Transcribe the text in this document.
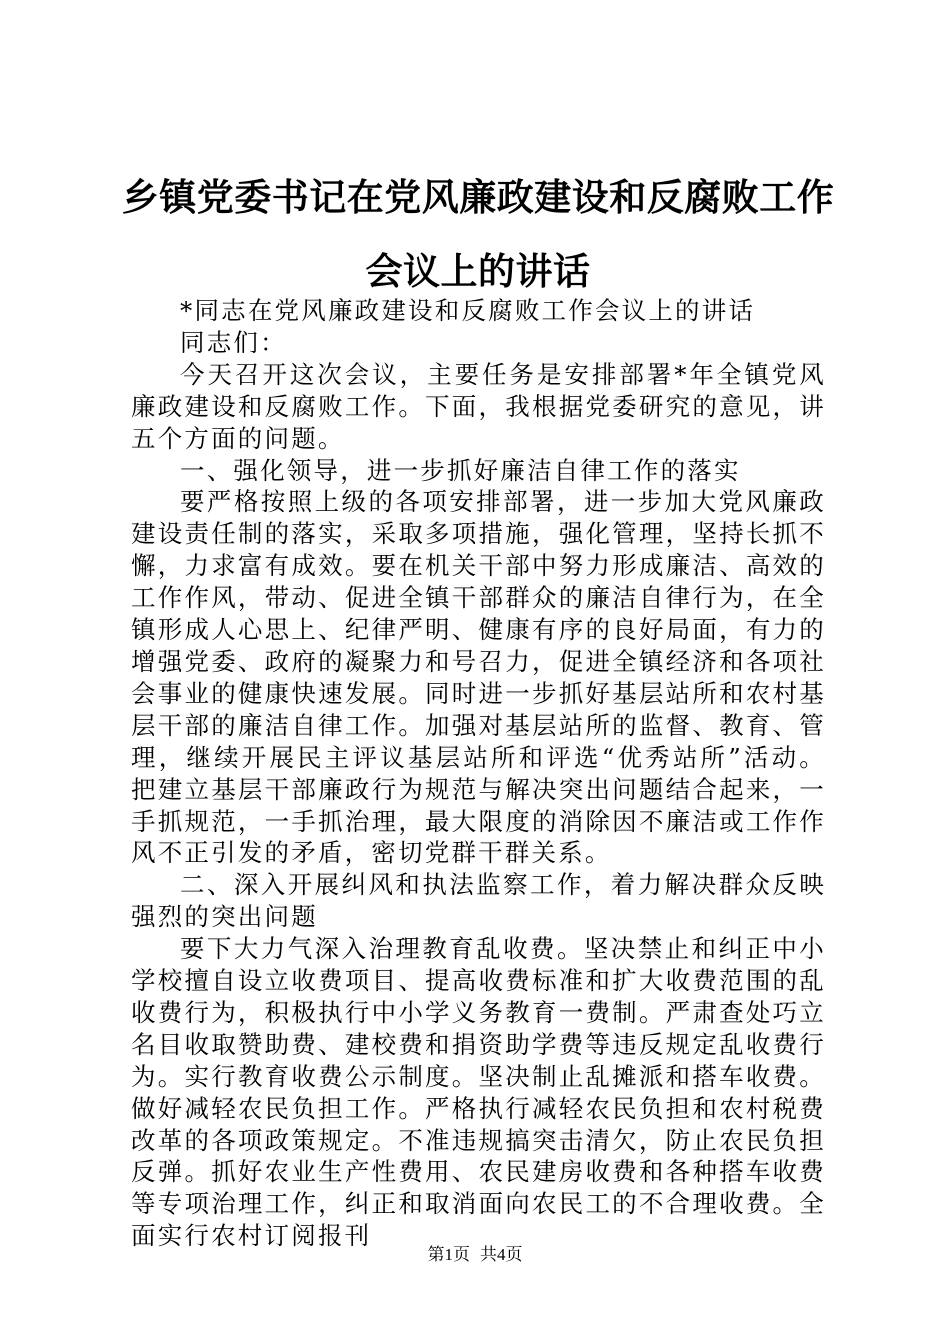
乡镇党委书记在党风廉政建设和反腐败工作会议上的讲话

*同志在党风廉政建设和反腐败工作会议上的讲话

同志们：

今天召开这次会议，主要任务是安排部署*年全镇党风廉政建设和反腐败工作。下面，我根据党委研究的意见，讲五个方面的问题。

一、强化领导，进一步抓好廉洁自律工作的落实

要严格按照上级的各项安排部署，进一步加大党风廉政建设责任制的落实，采取多项措施，强化管理，坚持长抓不懈，力求富有成效。要在机关干部中努力形成廉洁、高效的工作作风，带动、促进全镇干部群众的廉洁自律行为，在全镇形成人心思上、纪律严明、健康有序的良好局面，有力的增强党委、政府的凝聚力和号召力，促进全镇经济和各项社会事业的健康快速发展。同时进一步抓好基层站所和农村基层干部的廉洁自律工作。加强对基层站所的监督、教育、管理，继续开展民主评议基层站所和评选“优秀站所”活动。把建立基层干部廉政行为规范与解决突出问题结合起来，一手抓规范，一手抓治理，最大限度的消除因不廉洁或工作作风不正引发的矛盾，密切党群干群关系。

二、深入开展纠风和执法监察工作，着力解决群众反映强烈的突出问题

要下大力气深入治理教育乱收费。坚决禁止和纠正中小学校擅自设立收费项目、提高收费标准和扩大收费范围的乱收费行为，积极执行中小学义务教育一费制。严肃查处巧立名目收取赞助费、建校费和捐资助学费等违反规定乱收费行为。实行教育收费公示制度。坚决制止乱摊派和搭车收费。做好减轻农民负担工作。严格执行减轻农民负担和农村税费改革的各项政策规定。不准违规搞突击清欠，防止农民负担反弹。抓好农业生产性费用、农民建房收费和各种搭车收费等专项治理工作，纠正和取消面向农民工的不合理收费。全面实行农村订阅报刊

第1页 共4页
